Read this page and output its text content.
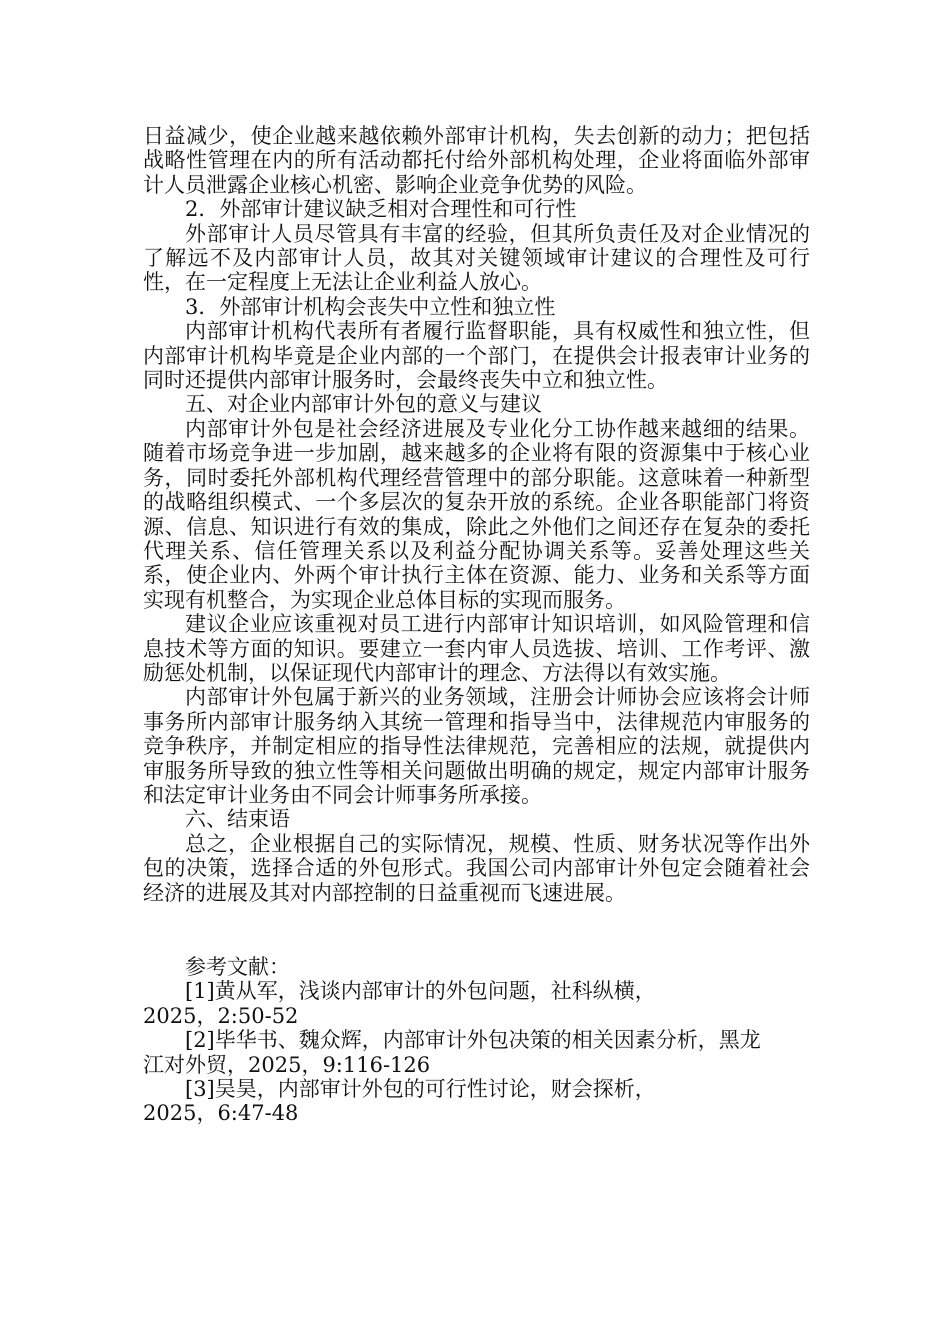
日益减少，使企业越来越依赖外部审计机构，失去创新的动力；把包括战略性管理在内的所有活动都托付给外部机构处理，企业将面临外部审计人员泄露企业核心机密、影响企业竞争优势的风险。

2．外部审计建议缺乏相对合理性和可行性

外部审计人员尽管具有丰富的经验，但其所负责任及对企业情况的了解远不及内部审计人员，故其对关键领域审计建议的合理性及可行性，在一定程度上无法让企业利益人放心。

3．外部审计机构会丧失中立性和独立性

内部审计机构代表所有者履行监督职能，具有权威性和独立性，但内部审计机构毕竟是企业内部的一个部门，在提供会计报表审计业务的同时还提供内部审计服务时，会最终丧失中立和独立性。

五、对企业内部审计外包的意义与建议

内部审计外包是社会经济进展及专业化分工协作越来越细的结果。随着市场竞争进一步加剧，越来越多的企业将有限的资源集中于核心业务，同时委托外部机构代理经营管理中的部分职能。这意味着一种新型的战略组织模式、一个多层次的复杂开放的系统。企业各职能部门将资源、信息、知识进行有效的集成，除此之外他们之间还存在复杂的委托代理关系、信任管理关系以及利益分配协调关系等。妥善处理这些关系，使企业内、外两个审计执行主体在资源、能力、业务和关系等方面实现有机整合，为实现企业总体目标的实现而服务。

建议企业应该重视对员工进行内部审计知识培训，如风险管理和信息技术等方面的知识。要建立一套内审人员选拔、培训、工作考评、激励惩处机制，以保证现代内部审计的理念、方法得以有效实施。

内部审计外包属于新兴的业务领域，注册会计师协会应该将会计师事务所内部审计服务纳入其统一管理和指导当中，法律规范内审服务的竞争秩序，并制定相应的指导性法律规范，完善相应的法规，就提供内审服务所导致的独立性等相关问题做出明确的规定，规定内部审计服务和法定审计业务由不同会计师事务所承接。

六、结束语

总之，企业根据自己的实际情况，规模、性质、财务状况等作出外包的决策，选择合适的外包形式。我国公司内部审计外包定会随着社会经济的进展及其对内部控制的日益重视而飞速进展。

参考文献：

[1]黄从军，浅谈内部审计的外包问题，社科纵横，

2025，2:50-52

[2]毕华书、魏众辉，内部审计外包决策的相关因素分析，黑龙

江对外贸，2025，9:116-126

[3]吴昊，内部审计外包的可行性讨论，财会探析，

2025，6:47-48
